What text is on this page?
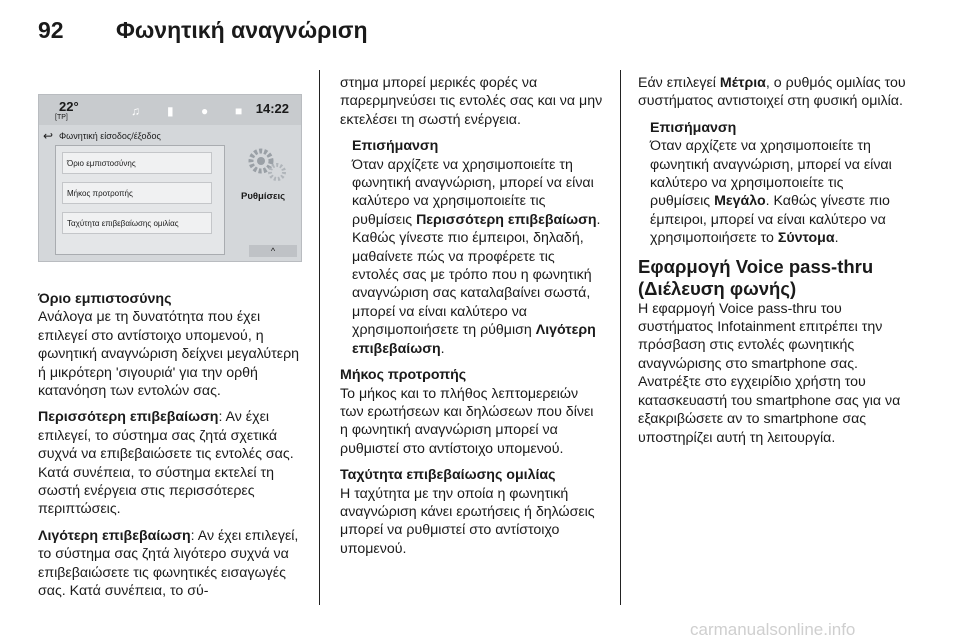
92 Φωνητική αναγνώριση
22°
[TP]	♫ ▮ ● ■ 14:22
↩ Φωνητική είσοδος/έξοδος
Όριο εμπιστοσύνης
Μήκος προτροπής
Ταχύτητα επιβεβαίωσης ομιλίας
Ρυθμίσεις
^
Όριο εμπιστοσύνης

Ανάλογα με τη δυνατότητα που έχει επιλεγεί στο αντίστοιχο υπομενού, η φωνητική αναγνώριση δείχνει μεγαλύτερη ή μικρότερη 'σιγουριά' για την ορθή κατανόηση των εντολών σας.

Περισσότερη επιβεβαίωση: Αν έχει επιλεγεί, το σύστημα σας ζητά σχετικά συχνά να επιβεβαιώσετε τις εντολές σας. Κατά συνέπεια, το σύστημα εκτελεί τη σωστή ενέργεια στις περισσότερες περιπτώσεις.

Λιγότερη επιβεβαίωση: Αν έχει επιλεγεί, το σύστημα σας ζητά λιγότερο συχνά να επιβεβαιώσετε τις φωνητικές εισαγωγές σας. Κατά συνέπεια, το σύ-

στημα μπορεί μερικές φορές να παρερμηνεύσει τις εντολές σας και να μην εκτελέσει τη σωστή ενέργεια.

Επισήμανση

Όταν αρχίζετε να χρησιμοποιείτε τη φωνητική αναγνώριση, μπορεί να είναι καλύτερο να χρησιμοποιείτε τις ρυθμίσεις Περισσότερη επιβεβαίωση. Καθώς γίνεστε πιο έμπειροι, δηλαδή, μαθαίνετε πώς να προφέρετε τις εντολές σας με τρόπο που η φωνητική αναγνώριση σας καταλαβαίνει σωστά, μπορεί να είναι καλύτερο να χρησιμοποιήσετε τη ρύθμιση Λιγότερη επιβεβαίωση.

Μήκος προτροπής

Το μήκος και το πλήθος λεπτομερειών των ερωτήσεων και δηλώσεων που δίνει η φωνητική αναγνώριση μπορεί να ρυθμιστεί στο αντίστοιχο υπομενού.

Ταχύτητα επιβεβαίωσης ομιλίας

Η ταχύτητα με την οποία η φωνητική αναγνώριση κάνει ερωτήσεις ή δηλώσεις μπορεί να ρυθμιστεί στο αντίστοιχο υπομενού.

Εάν επιλεγεί Μέτρια, ο ρυθμός ομιλίας του συστήματος αντιστοιχεί στη φυσική ομιλία.

Επισήμανση

Όταν αρχίζετε να χρησιμοποιείτε τη φωνητική αναγνώριση, μπορεί να είναι καλύτερο να χρησιμοποιείτε τις ρυθμίσεις Μεγάλο. Καθώς γίνεστε πιο έμπειροι, μπορεί να είναι καλύτερο να χρησιμοποιήσετε το Σύντομα.

Εφαρμογή Voice pass-thru (Διέλευση φωνής)

Η εφαρμογή Voice pass-thru του συστήματος Infotainment επιτρέπει την πρόσβαση στις εντολές φωνητικής αναγνώρισης στο smartphone σας. Ανατρέξτε στο εγχειρίδιο χρήστη του κατασκευαστή του smartphone σας για να εξακριβώσετε αν το smartphone σας υποστηρίζει αυτή τη λειτουργία.

carmanualsonline.info
